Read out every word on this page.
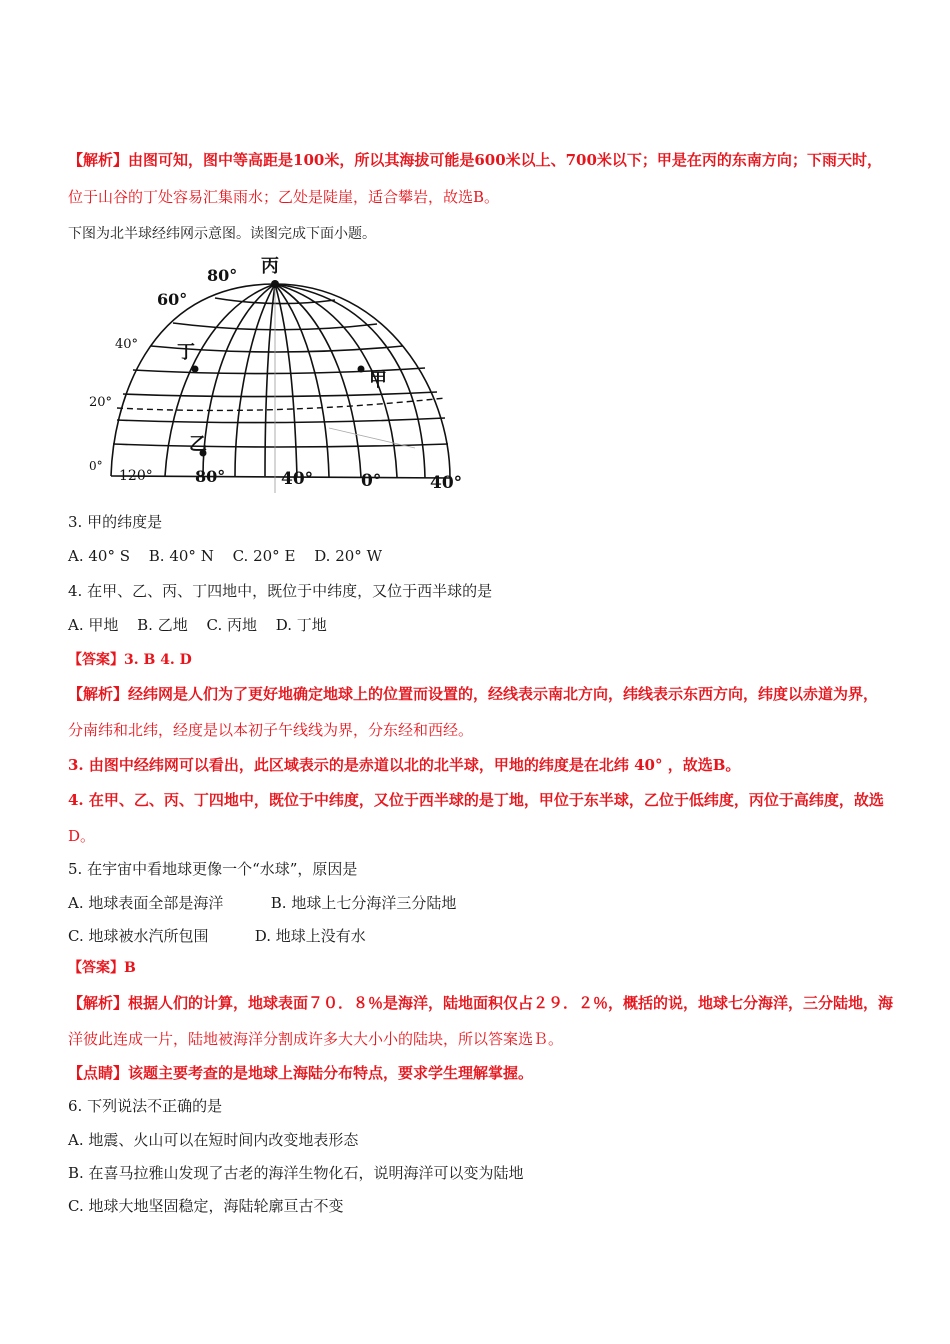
【解析】由图可知，图中等高距是100米，所以其海拔可能是600米以上、700米以下；甲是在丙的东南方向；下雨天时，
位于山谷的丁处容易汇集雨水；乙处是陡崖，适合攀岩，故选B。
下图为北半球经纬网示意图。读图完成下面小题。
80°
60°
40°
20°
0°
120°	80°	40°	0°	40°
丙
丁
甲
乙
3. 甲的纬度是
A. 40° S B. 40° N C. 20° E D. 20° W
4. 在甲、乙、丙、丁四地中，既位于中纬度，又位于西半球的是
A. 甲地 B. 乙地 C. 丙地 D. 丁地
【答案】3. B 4. D
【解析】经纬网是人们为了更好地确定地球上的位置而设置的，经线表示南北方向，纬线表示东西方向，纬度以赤道为界，
分南纬和北纬，经度是以本初子午线线为界，分东经和西经。
3. 由图中经纬网可以看出，此区域表示的是赤道以北的北半球，甲地的纬度是在北纬 40° ，故选B。
4. 在甲、乙、丙、丁四地中，既位于中纬度，又位于西半球的是丁地，甲位于东半球，乙位于低纬度，丙位于高纬度，故选
D。
5. 在宇宙中看地球更像一个“水球”，原因是
A. 地球表面全部是海洋	B. 地球上七分海洋三分陆地
C. 地球被水汽所包围	D. 地球上没有水
【答案】B
【解析】根据人们的计算，地球表面７０．８％是海洋，陆地面积仅占２９．２％，概括的说，地球七分海洋，三分陆地，海
洋彼此连成一片，陆地被海洋分割成许多大大小小的陆块，所以答案选Ｂ。
【点睛】该题主要考查的是地球上海陆分布特点，要求学生理解掌握。
6. 下列说法不正确的是
A. 地震、火山可以在短时间内改变地表形态
B. 在喜马拉雅山发现了古老的海洋生物化石，说明海洋可以变为陆地
C. 地球大地坚固稳定，海陆轮廓亘古不变
